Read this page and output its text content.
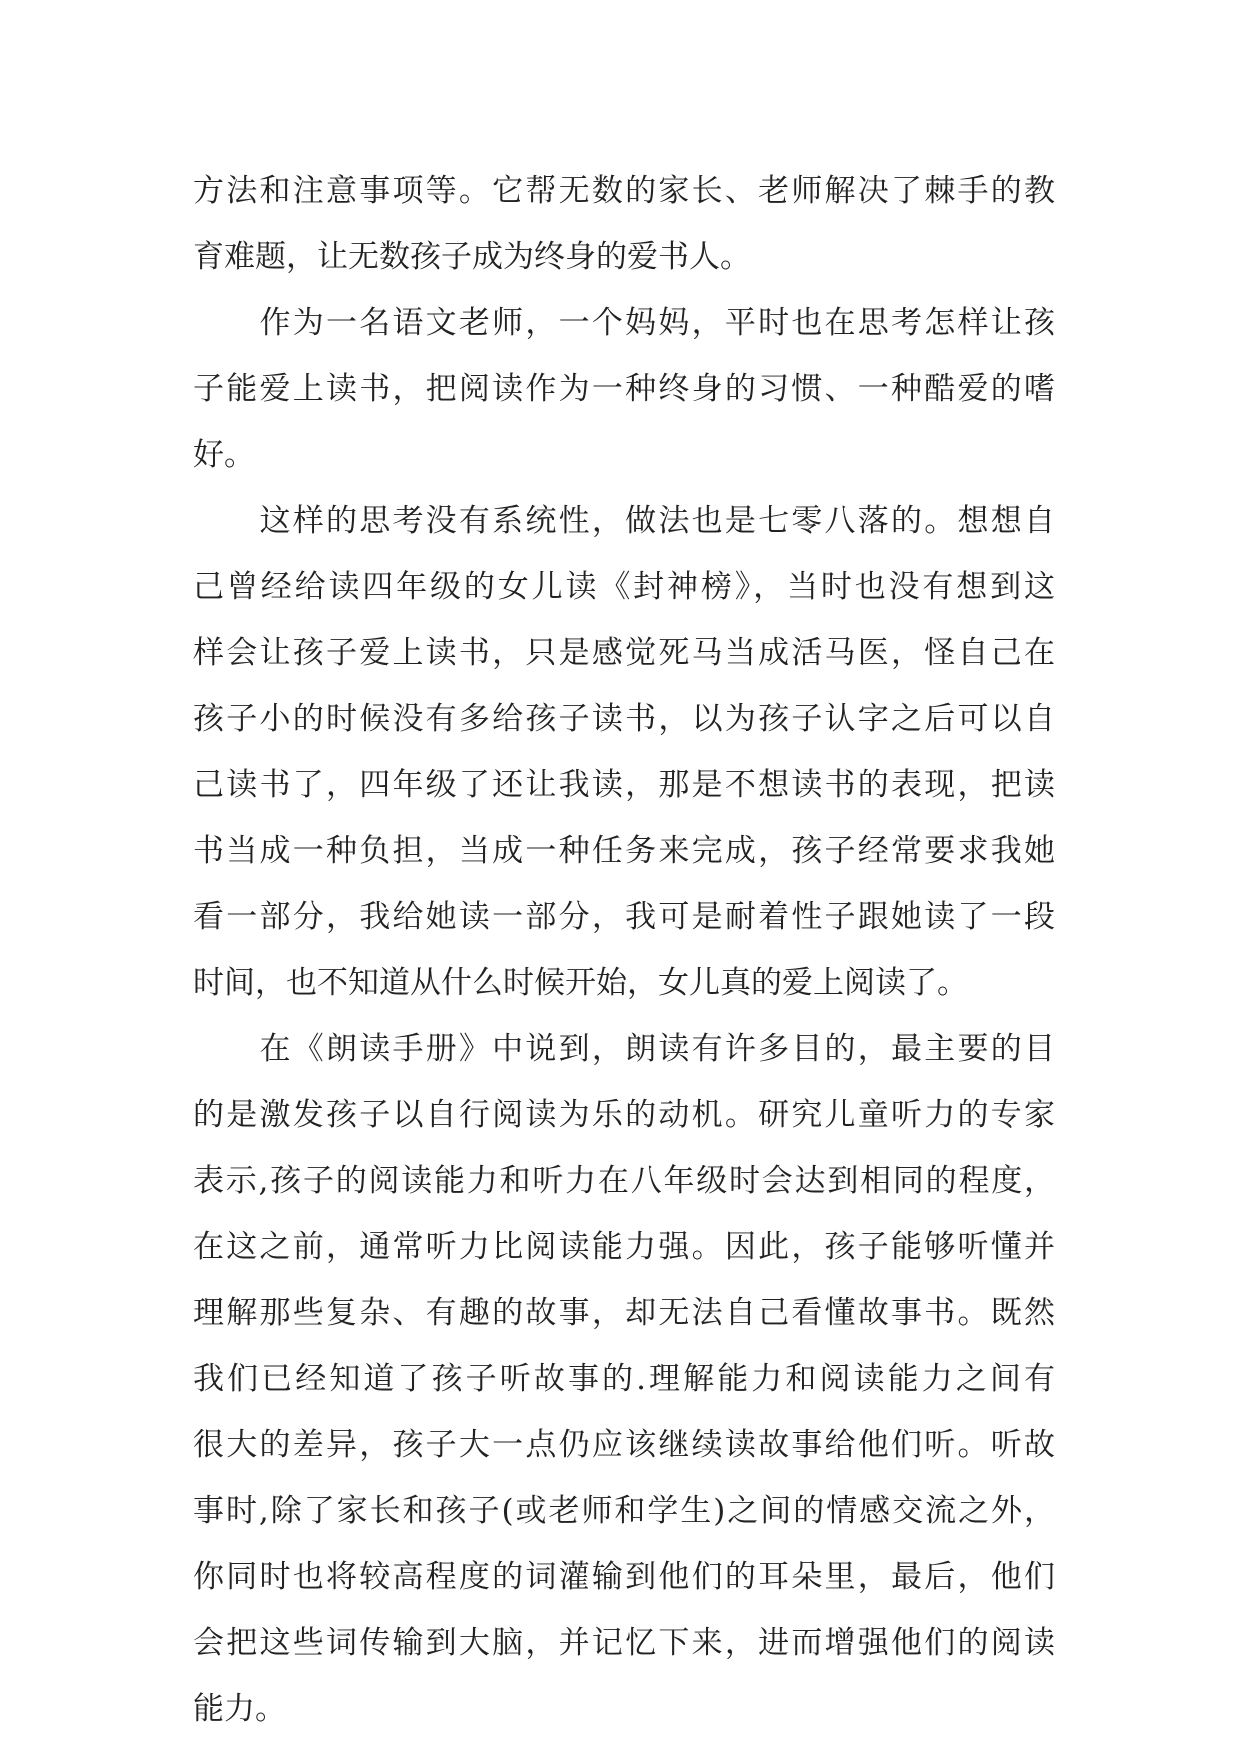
方法和注意事项等。它帮无数的家长、老师解决了棘手的教
育难题，让无数孩子成为终身的爱书人。
　　作为一名语文老师，一个妈妈，平时也在思考怎样让孩
子能爱上读书，把阅读作为一种终身的习惯、一种酷爱的嗜
好。
　　这样的思考没有系统性，做法也是七零八落的。想想自
己曾经给读四年级的女儿读《封神榜》，当时也没有想到这
样会让孩子爱上读书，只是感觉死马当成活马医，怪自己在
孩子小的时候没有多给孩子读书，以为孩子认字之后可以自
己读书了，四年级了还让我读，那是不想读书的表现，把读
书当成一种负担，当成一种任务来完成，孩子经常要求我她
看一部分，我给她读一部分，我可是耐着性子跟她读了一段
时间，也不知道从什么时候开始，女儿真的爱上阅读了。
　　在《朗读手册》中说到，朗读有许多目的，最主要的目
的是激发孩子以自行阅读为乐的动机。研究儿童听力的专家
表示,孩子的阅读能力和听力在八年级时会达到相同的程度，
在这之前，通常听力比阅读能力强。因此，孩子能够听懂并
理解那些复杂、有趣的故事，却无法自己看懂故事书。既然
我们已经知道了孩子听故事的.理解能力和阅读能力之间有
很大的差异，孩子大一点仍应该继续读故事给他们听。听故
事时,除了家长和孩子(或老师和学生)之间的情感交流之外，
你同时也将较高程度的词灌输到他们的耳朵里，最后，他们
会把这些词传输到大脑，并记忆下来，进而增强他们的阅读
能力。
